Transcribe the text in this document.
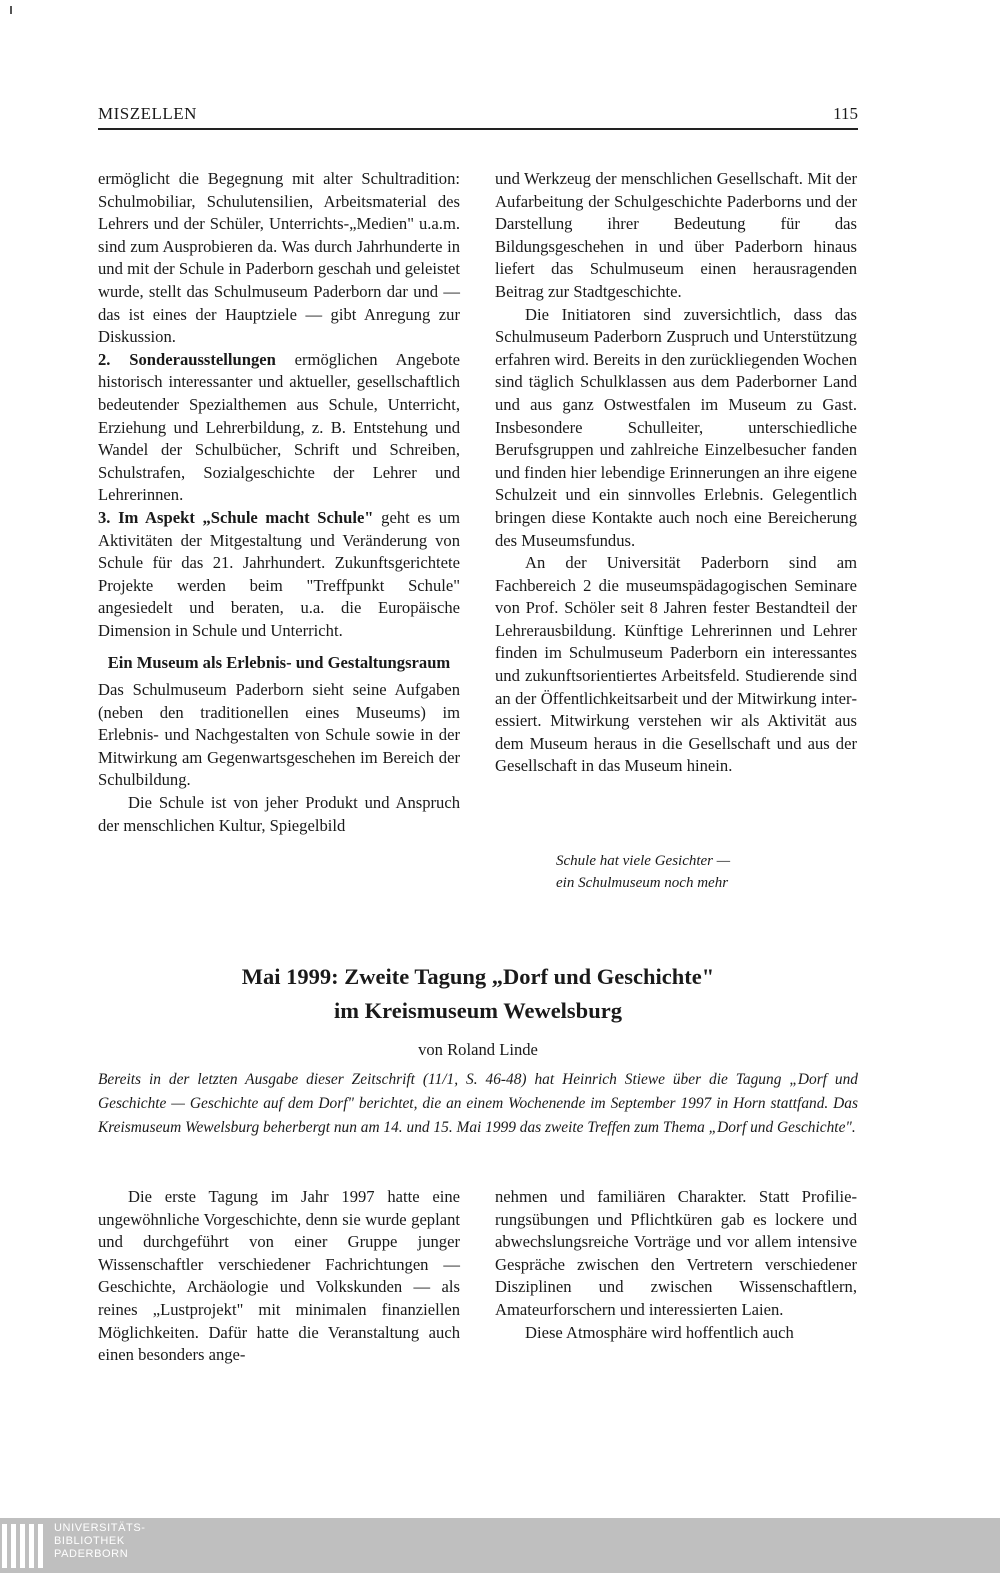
MISZELLEN	115

ermöglicht die Begegnung mit alter Schultradition: Schulmobiliar, Schulutensilien, Arbeitsmaterial des Lehrers und der Schüler, Unterrichts-„Medien" u.a.m. sind zum Ausprobieren da. Was durch Jahrhunderte in und mit der Schule in Paderborn geschah und geleistet wurde, stellt das Schulmuseum Paderborn dar und — das ist eines der Hauptziele — gibt Anregung zur Diskussion.

2. Sonderausstellungen ermöglichen Angebote historisch interessanter und aktueller, gesellschaftlich bedeutender Spezialthemen aus Schule, Unterricht, Erziehung und Lehrerbildung, z. B. Entstehung und Wandel der Schulbücher, Schrift und Schreiben, Schulstrafen, Sozialgeschichte der Lehrer und Lehrerinnen.

3. Im Aspekt „Schule macht Schule" geht es um Aktivitäten der Mitgestaltung und Veränderung von Schule für das 21. Jahrhundert. Zukunftsgerichtete Projekte werden beim "Treffpunkt Schule" angesiedelt und beraten, u.a. die Europäische Dimension in Schule und Unterricht.

Ein Museum als Erlebnis- und Gestaltungsraum

Das Schulmuseum Paderborn sieht seine Aufgaben (neben den traditionellen eines Museums) im Erlebnis- und Nachgestalten von Schule sowie in der Mitwirkung am Gegenwartsgeschehen im Bereich der Schulbildung.

Die Schule ist von jeher Produkt und Anspruch der menschlichen Kultur, Spiegelbild

und Werkzeug der menschlichen Gesellschaft. Mit der Aufarbeitung der Schulgeschichte Paderborns und der Darstellung ihrer Bedeutung für das Bildungsgeschehen in und über Paderborn hinaus liefert das Schulmuseum einen herausragenden Beitrag zur Stadtgeschichte.

Die Initiatoren sind zuversichtlich, dass das Schulmuseum Paderborn Zuspruch und Unterstützung erfahren wird. Bereits in den zurückliegenden Wochen sind täglich Schulklassen aus dem Paderborner Land und aus ganz Ostwestfalen im Museum zu Gast. Insbesondere Schulleiter, unterschiedliche Berufsgruppen und zahlreiche Einzelbesucher fanden und finden hier lebendige Erinnerungen an ihre eigene Schulzeit und ein sinnvolles Erlebnis. Gelegentlich bringen diese Kontakte auch noch eine Bereicherung des Museumsfundus.

An der Universität Paderborn sind am Fachbereich 2 die museumspädagogischen Seminare von Prof. Schöler seit 8 Jahren fester Bestandteil der Lehrerausbildung. Künftige Lehrerinnen und Lehrer finden im Schulmuseum Paderborn ein interessantes und zukunftsorientiertes Arbeitsfeld. Studierende sind an der Öffentlichkeitsarbeit und der Mitwirkung interessiert. Mitwirkung verstehen wir als Aktivität aus dem Museum heraus in die Gesellschaft und aus der Gesellschaft in das Museum hinein.

Schule hat viele Gesichter —
ein Schulmuseum noch mehr
Mai 1999: Zweite Tagung „Dorf und Geschichte"
im Kreismuseum Wewelsburg
von Roland Linde
Bereits in der letzten Ausgabe dieser Zeitschrift (11/1, S. 46-48) hat Heinrich Stiewe über die Tagung „Dorf und Geschichte — Geschichte auf dem Dorf" berichtet, die an einem Wochenende im September 1997 in Horn stattfand. Das Kreismuseum Wewelsburg beherbergt nun am 14. und 15. Mai 1999 das zweite Treffen zum Thema „Dorf und Geschichte".

Die erste Tagung im Jahr 1997 hatte eine ungewöhnliche Vorgeschichte, denn sie wurde geplant und durchgeführt von einer Gruppe junger Wissenschaftler verschiedener Fachrichtungen — Geschichte, Archäologie und Volkskunden — als reines „Lustprojekt" mit minimalen finanziellen Möglichkeiten. Dafür hatte die Veranstaltung auch einen besonders ange-

nehmen und familiären Charakter. Statt Profilierungsübungen und Pflichtküren gab es lockere und abwechslungsreiche Vorträge und vor allem intensive Gespräche zwischen den Vertretern verschiedener Disziplinen und zwischen Wissenschaftlern, Amateurforschern und interessierten Laien.

Diese Atmosphäre wird hoffentlich auch

UNIVERSITÄTS-
BIBLIOTHEK
PADERBORN
